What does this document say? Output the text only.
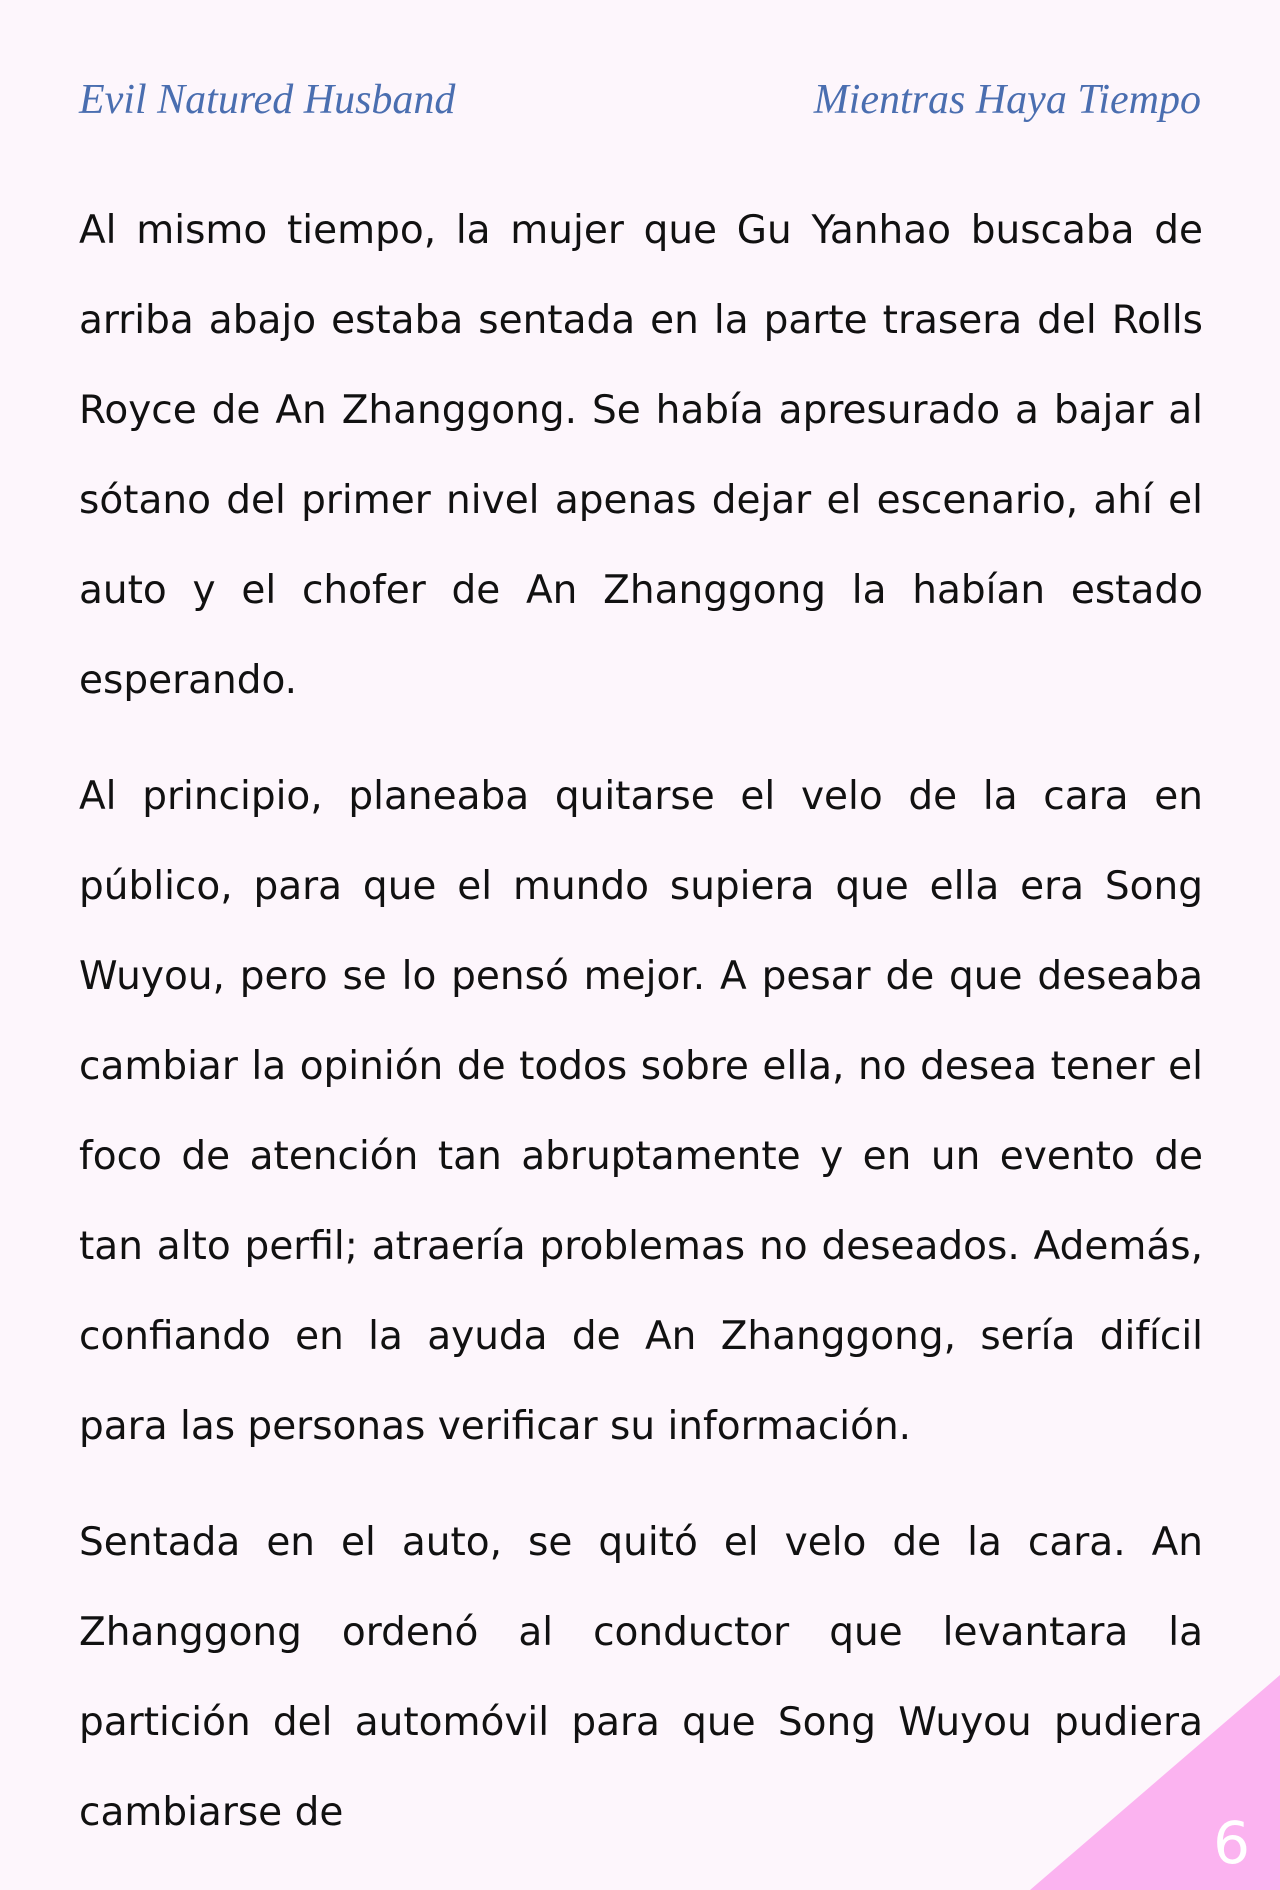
Evil Natured Husband	Mientras Haya Tiempo

Al mismo tiempo, la mujer que Gu Yanhao buscaba de arriba abajo estaba sentada en la parte trasera del Rolls Royce de An Zhanggong. Se había apresurado a bajar al sótano del primer nivel apenas dejar el escenario, ahí el auto y el chofer de An Zhanggong la habían estado esperando.

Al principio, planeaba quitarse el velo de la cara en público, para que el mundo supiera que ella era Song Wuyou, pero se lo pensó mejor. A pesar de que deseaba cambiar la opinión de todos sobre ella, no desea tener el foco de atención tan abruptamente y en un evento de tan alto perfil; atraería problemas no deseados. Además, confiando en la ayuda de An Zhanggong, sería difícil para las personas verificar su información.

Sentada en el auto, se quitó el velo de la cara. An Zhanggong ordenó al conductor que levantara la partición del automóvil para que Song Wuyou pudiera cambiarse de	6
